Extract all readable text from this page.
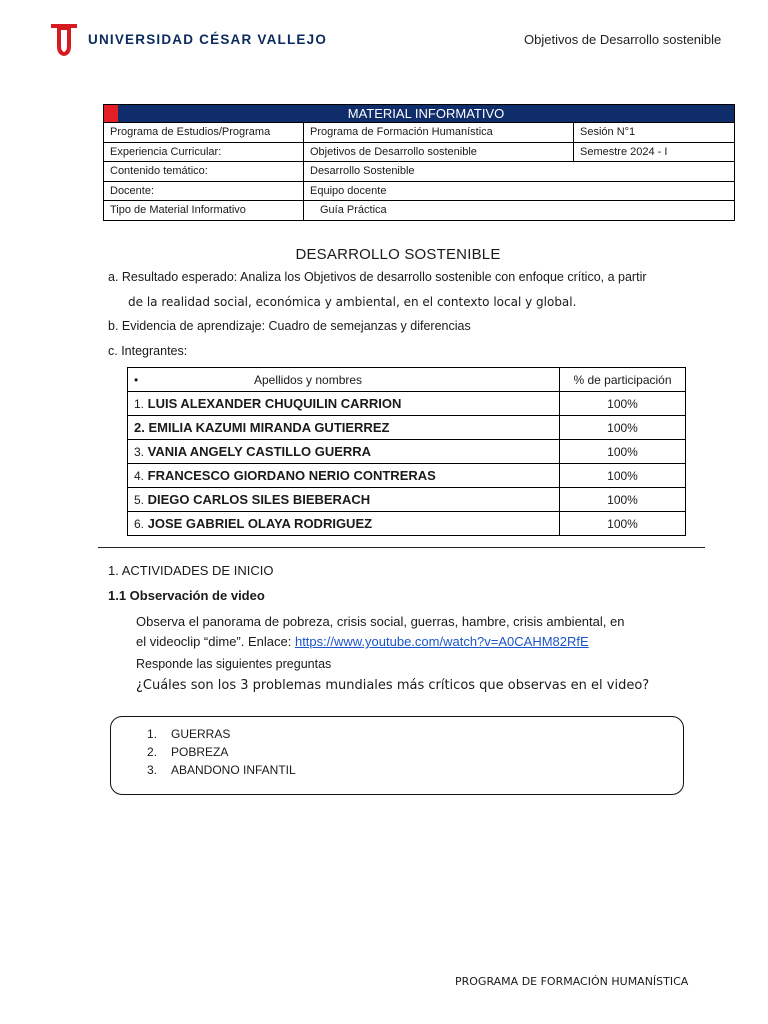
UNIVERSIDAD CÉSAR VALLEJO	Objetivos de Desarrollo sostenible
MATERIAL INFORMATIVO
Programa de Estudios/Programa	Programa de Formación Humanística	Sesión N°1
Experiencia Curricular:	Objetivos de Desarrollo sostenible	Semestre 2024 - I
Contenido temático:	Desarrollo Sostenible
Docente:	Equipo docente
Tipo de Material Informativo	Guía Práctica
DESARROLLO SOSTENIBLE
a. Resultado esperado: Analiza los Objetivos de desarrollo sostenible con enfoque crítico, a partir
de la realidad social, económica y ambiental, en el contexto local y global.
b. Evidencia de aprendizaje: Cuadro de semejanzas y diferencias
c. Integrantes:
• Apellidos y nombres	% de participación
1. LUIS ALEXANDER CHUQUILIN CARRION	100%
2. EMILIA KAZUMI MIRANDA GUTIERREZ	100%
3. VANIA ANGELY CASTILLO GUERRA	100%
4. FRANCESCO GIORDANO NERIO CONTRERAS	100%
5. DIEGO CARLOS SILES BIEBERACH	100%
6. JOSE GABRIEL OLAYA RODRIGUEZ	100%
1. ACTIVIDADES DE INICIO
1.1 Observación de video
Observa el panorama de pobreza, crisis social, guerras, hambre, crisis ambiental, en
el videoclip “dime”. Enlace: https://www.youtube.com/watch?v=A0CAHM82RfE
Responde las siguientes preguntas
¿Cuáles son los 3 problemas mundiales más críticos que observas en el video?
1. GUERRAS
2. POBREZA
3. ABANDONO INFANTIL
PROGRAMA DE FORMACIÓN HUMANÍSTICA
